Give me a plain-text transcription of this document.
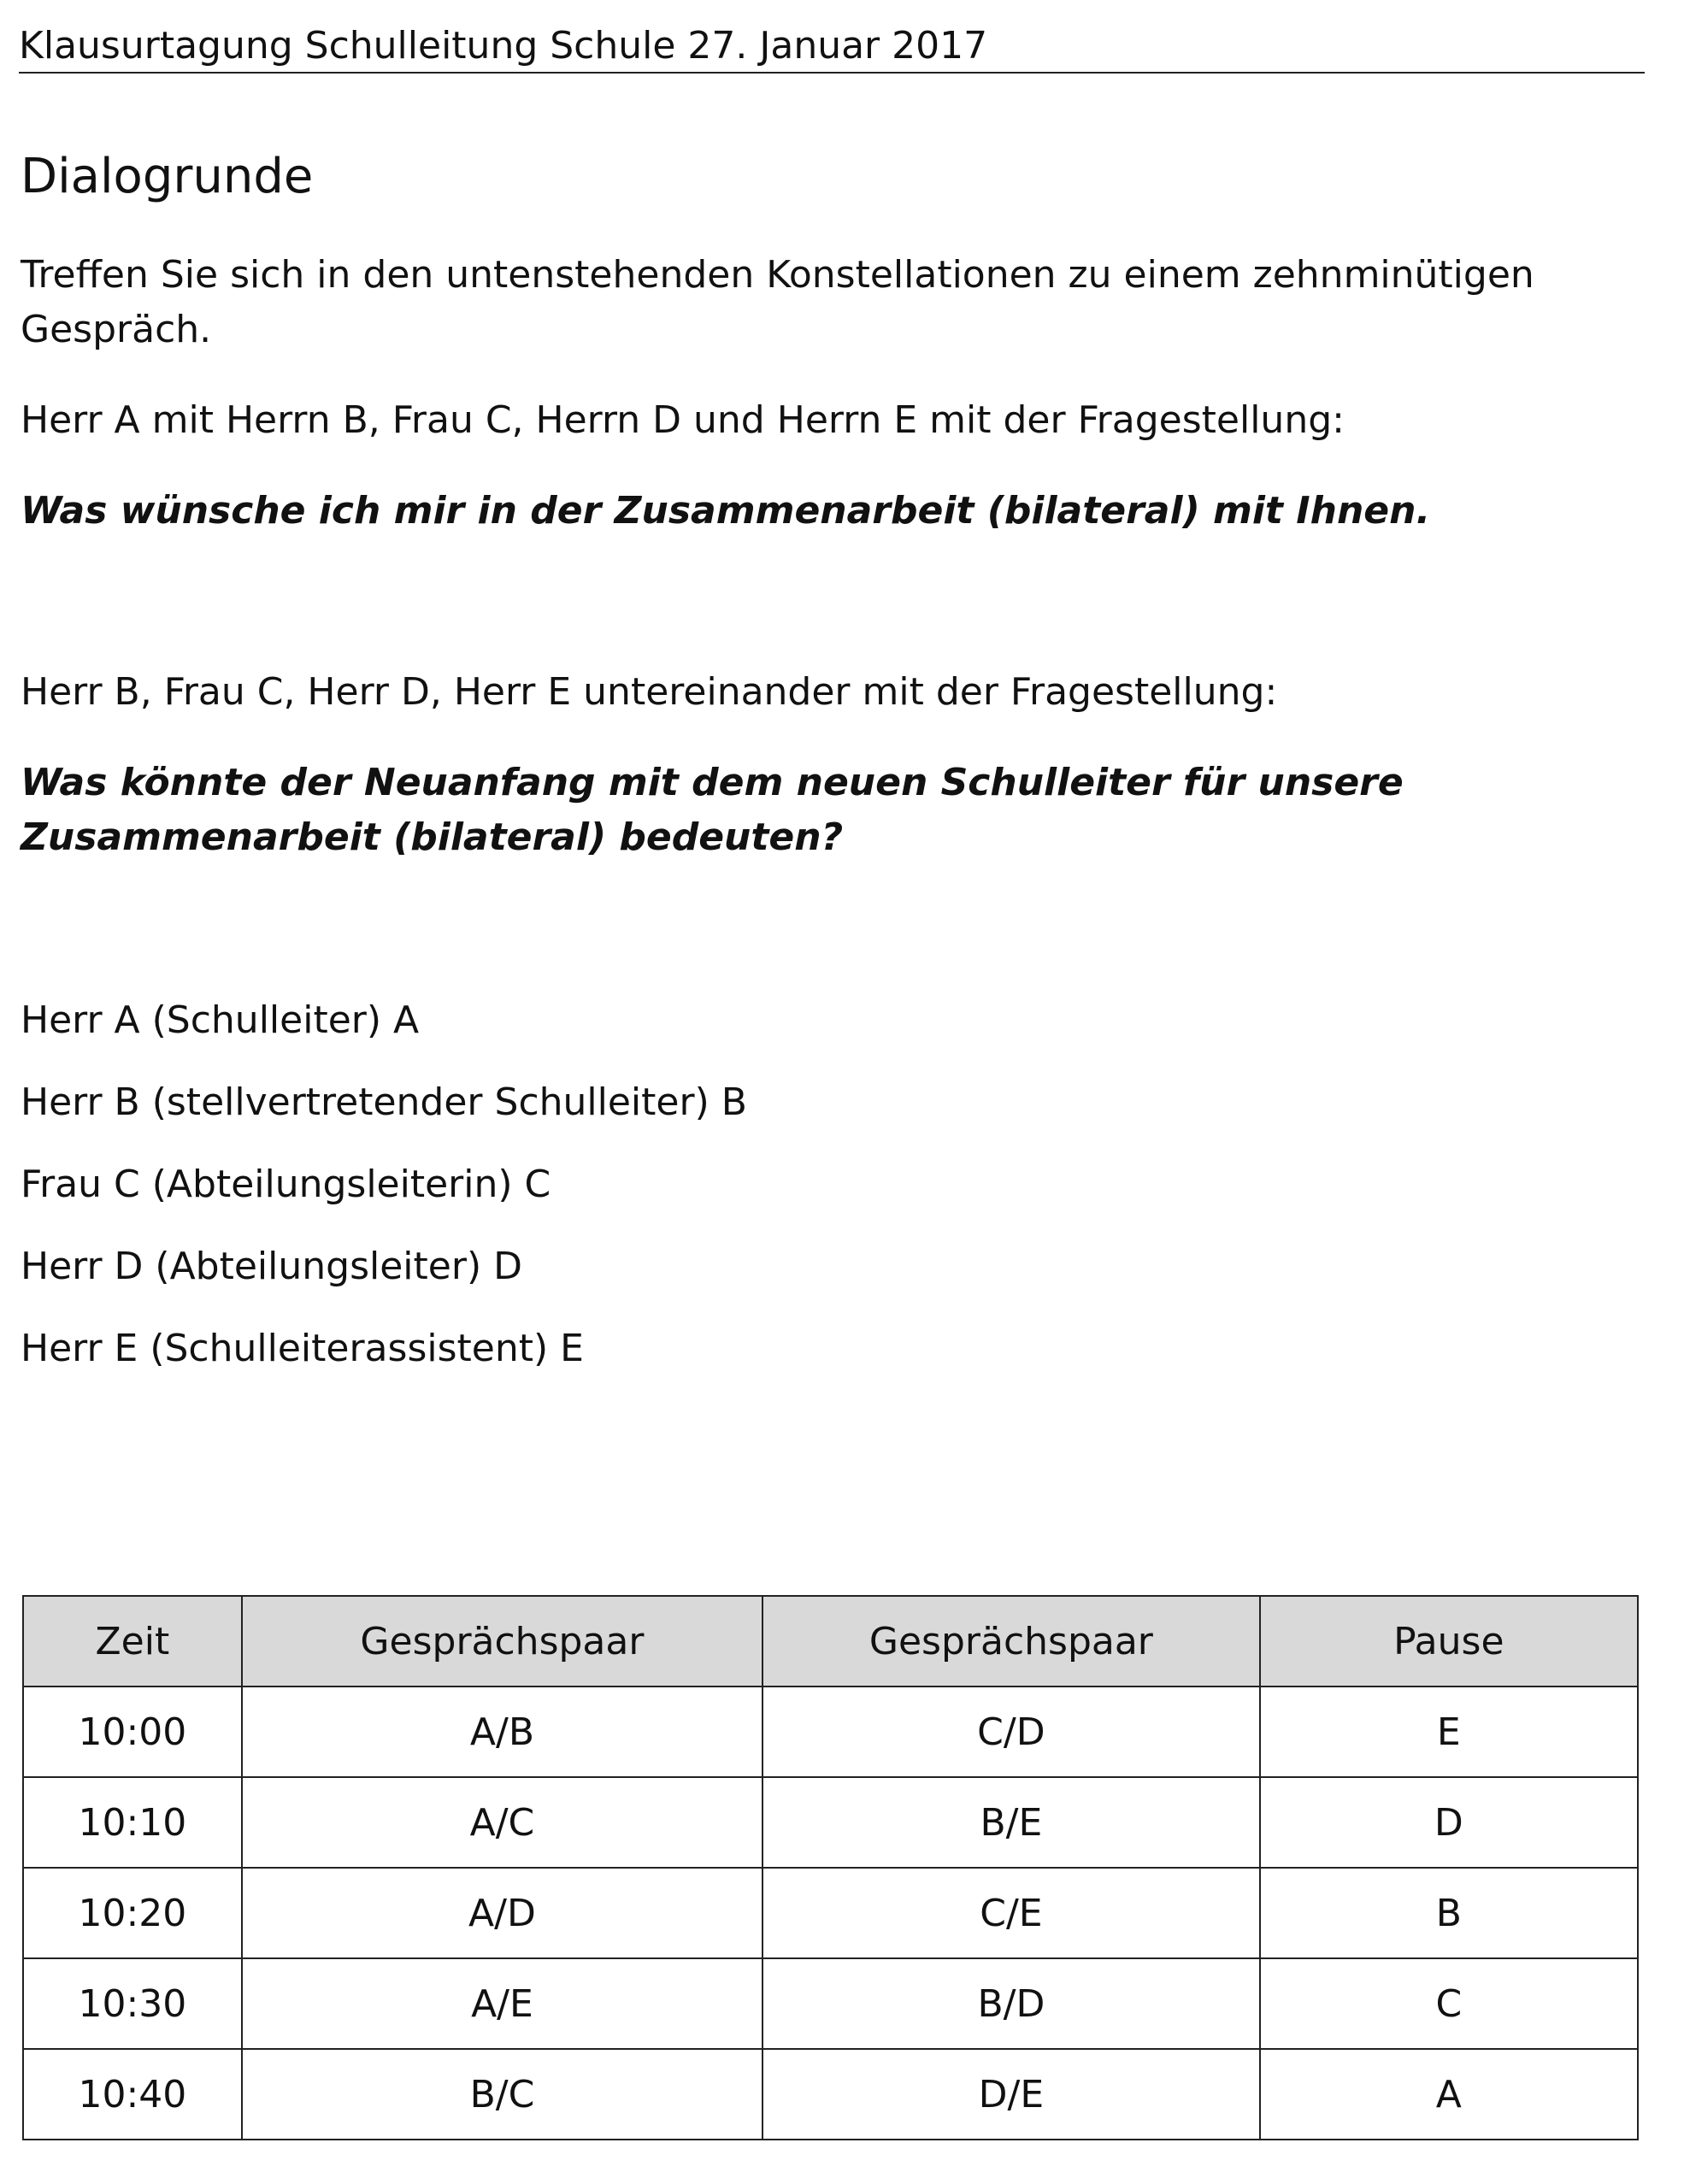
Klausurtagung Schulleitung Schule 27. Januar 2017
Dialogrunde
Treffen Sie sich in den untenstehenden Konstellationen zu einem zehnminütigen Gespräch.
Herr A mit Herrn B, Frau C, Herrn D und Herrn E mit der Fragestellung:
Was wünsche ich mir in der Zusammenarbeit (bilateral) mit Ihnen.
Herr B, Frau C, Herr D, Herr E untereinander mit der Fragestellung:
Was könnte der Neuanfang mit dem neuen Schulleiter für unsere Zusammenarbeit (bilateral) bedeuten?
Herr A (Schulleiter) A
Herr B (stellvertretender Schulleiter) B
Frau C (Abteilungsleiterin) C
Herr D (Abteilungsleiter) D
Herr E (Schulleiterassistent) E
Zeit	Gesprächspaar	Gesprächspaar	Pause
10:00	A/B	C/D	E
10:10	A/C	B/E	D
10:20	A/D	C/E	B
10:30	A/E	B/D	C
10:40	B/C	D/E	A
